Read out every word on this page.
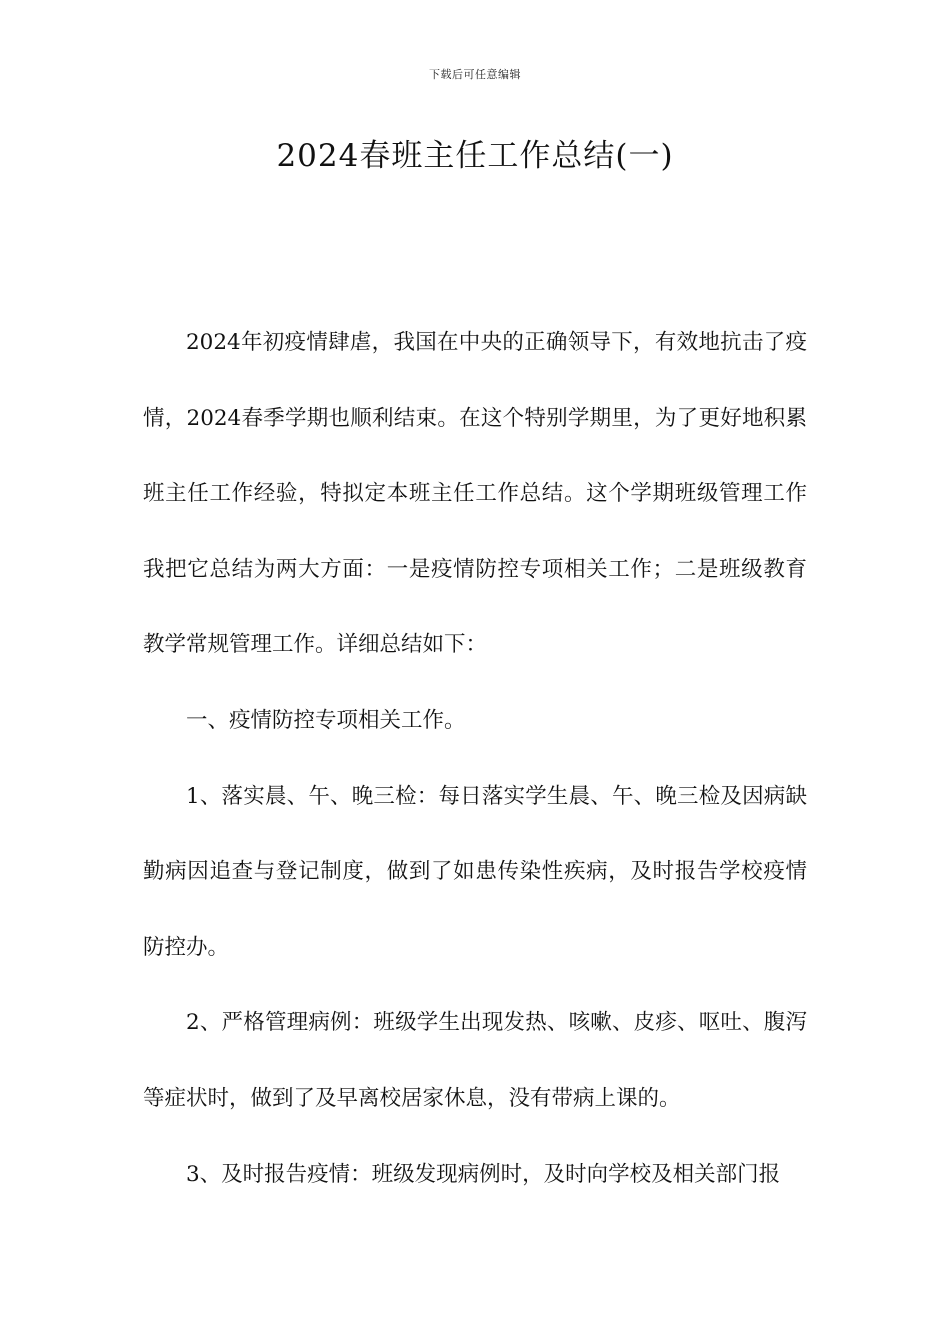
下载后可任意编辑
2024春班主任工作总结(一)

2024年初疫情肆虐，我国在中央的正确领导下，有效地抗击了疫情，2024春季学期也顺利结束。在这个特别学期里，为了更好地积累班主任工作经验，特拟定本班主任工作总结。这个学期班级管理工作我把它总结为两大方面：一是疫情防控专项相关工作；二是班级教育教学常规管理工作。详细总结如下：

一、疫情防控专项相关工作。

1、落实晨、午、晚三检：每日落实学生晨、午、晚三检及因病缺勤病因追查与登记制度，做到了如患传染性疾病，及时报告学校疫情防控办。

2、严格管理病例：班级学生出现发热、咳嗽、皮疹、呕吐、腹泻等症状时，做到了及早离校居家休息，没有带病上课的。

3、及时报告疫情：班级发现病例时，及时向学校及相关部门报
